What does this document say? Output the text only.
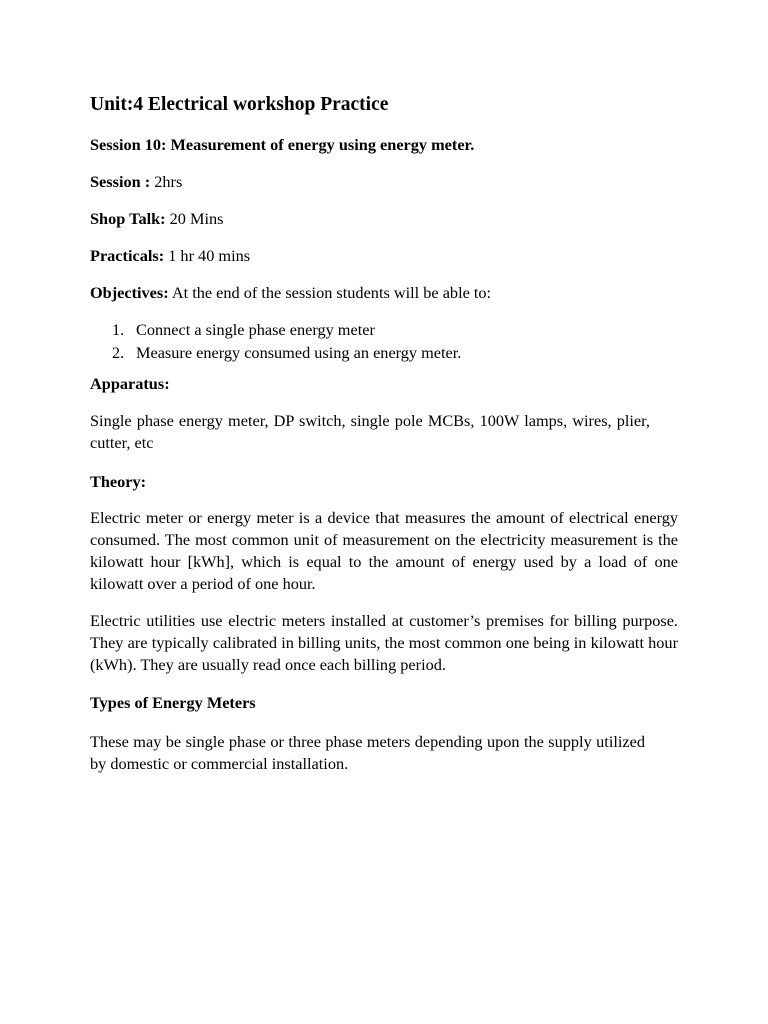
Unit:4 Electrical workshop Practice

Session 10: Measurement of energy using energy meter.

Session : 2hrs

Shop Talk: 20 Mins

Practicals: 1 hr 40 mins

Objectives: At the end of the session students will be able to:

1. Connect a single phase energy meter
2. Measure energy consumed using an energy meter.

Apparatus:

Single phase energy meter, DP switch, single pole MCBs, 100W lamps, wires, plier, cutter, etc

Theory:

Electric meter or energy meter is a device that measures the amount of electrical energy consumed. The most common unit of measurement on the electricity measurement is the kilowatt hour [kWh], which is equal to the amount of energy used by a load of one kilowatt over a period of one hour.

Electric utilities use electric meters installed at customer’s premises for billing purpose. They are typically calibrated in billing units, the most common one being in kilowatt hour (kWh). They are usually read once each billing period.

Types of Energy Meters

These may be single phase or three phase meters depending upon the supply utilized by domestic or commercial installation.
